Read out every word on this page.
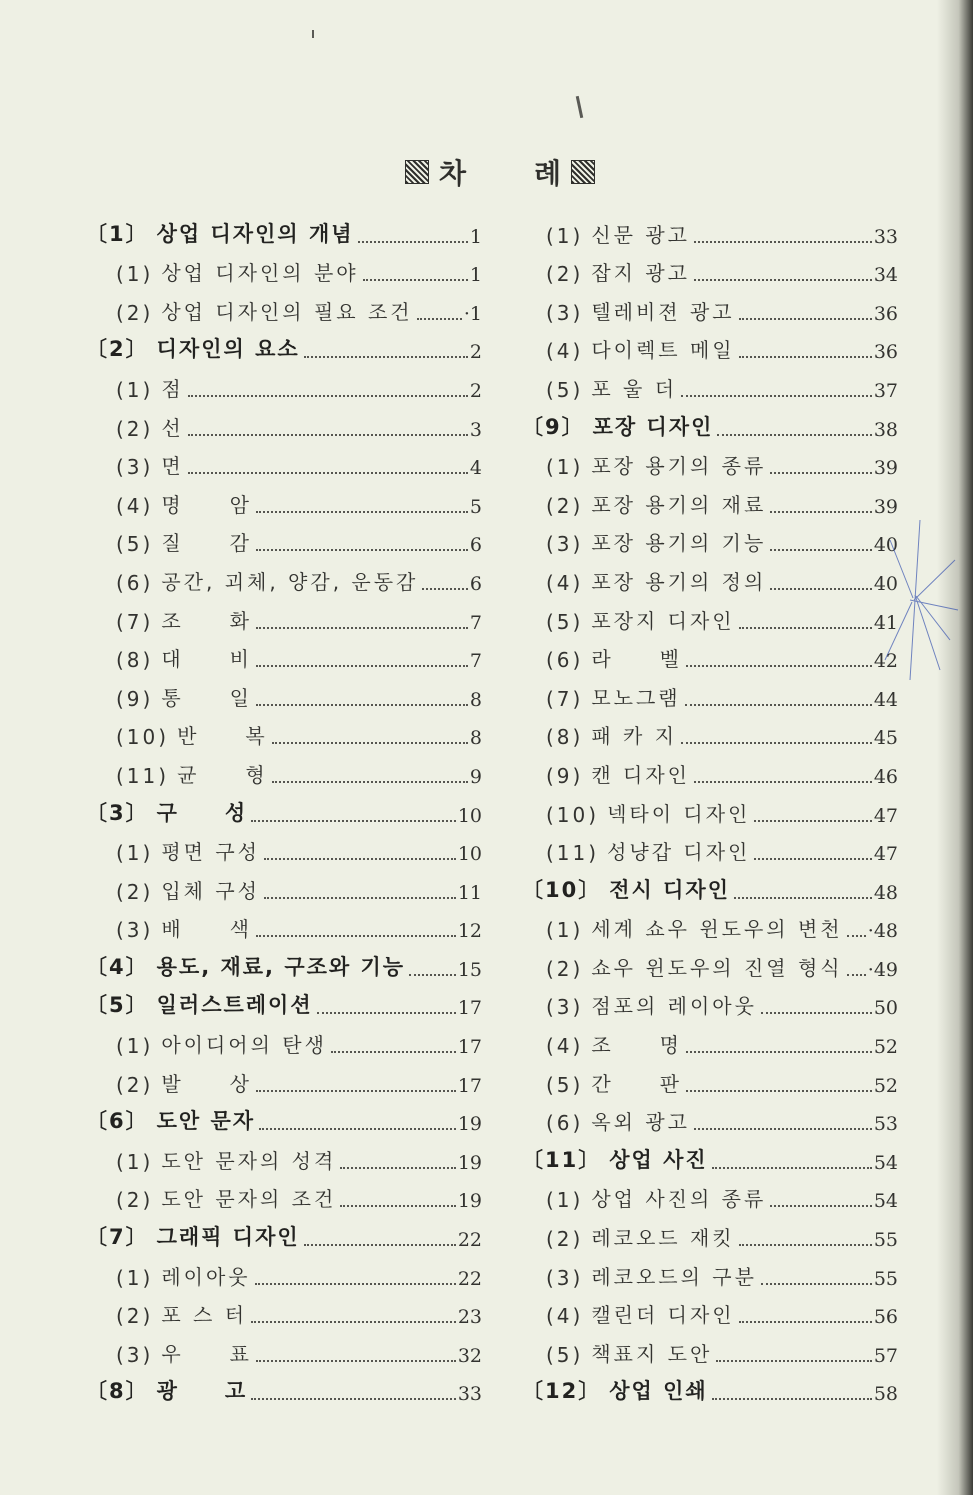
차 례
〔1〕 상업 디자인의 개념	1
(1) 상업 디자인의 분야	1
(2) 상업 디자인의 필요 조건	·1
〔2〕 디자인의 요소	2
(1) 점	2
(2) 선	3
(3) 면	4
(4) 명　　암	5
(5) 질　　감	6
(6) 공간, 괴체, 양감, 운동감	6
(7) 조　　화	7
(8) 대　　비	7
(9) 통　　일	8
(10) 반　　복	8
(11) 균　　형	9
〔3〕 구　　성	10
(1) 평면 구성	10
(2) 입체 구성	11
(3) 배　　색	12
〔4〕 용도, 재료, 구조와 기능	15
〔5〕 일러스트레이션	17
(1) 아이디어의 탄생	17
(2) 발　　상	17
〔6〕 도안 문자	19
(1) 도안 문자의 성격	19
(2) 도안 문자의 조건	19
〔7〕 그래픽 디자인	22
(1) 레이아웃	22
(2) 포 스 터	23
(3) 우　　표	32
〔8〕 광　　고	33
(1) 신문 광고	33
(2) 잡지 광고	34
(3) 텔레비젼 광고	36
(4) 다이렉트 메일	36
(5) 포 울 더	37
〔9〕 포장 디자인	38
(1) 포장 용기의 종류	39
(2) 포장 용기의 재료	39
(3) 포장 용기의 기능	40
(4) 포장 용기의 정의	40
(5) 포장지 디자인	41
(6) 라　　벨	42
(7) 모노그램	44
(8) 패 카 지	45
(9) 캔 디자인	46
(10) 넥타이 디자인	47
(11) 성냥갑 디자인	47
〔10〕 전시 디자인	48
(1) 세계 쇼우 윈도우의 변천 ·48
(2) 쇼우 윈도우의 진열 형식 ·49
(3) 점포의 레이아웃	50
(4) 조　　명	52
(5) 간　　판	52
(6) 옥외 광고	53
〔11〕 상업 사진	54
(1) 상업 사진의 종류	54
(2) 레코오드 재킷	55
(3) 레코오드의 구분	55
(4) 캘린더 디자인	56
(5) 책표지 도안	57
〔12〕 상업 인쇄	58
